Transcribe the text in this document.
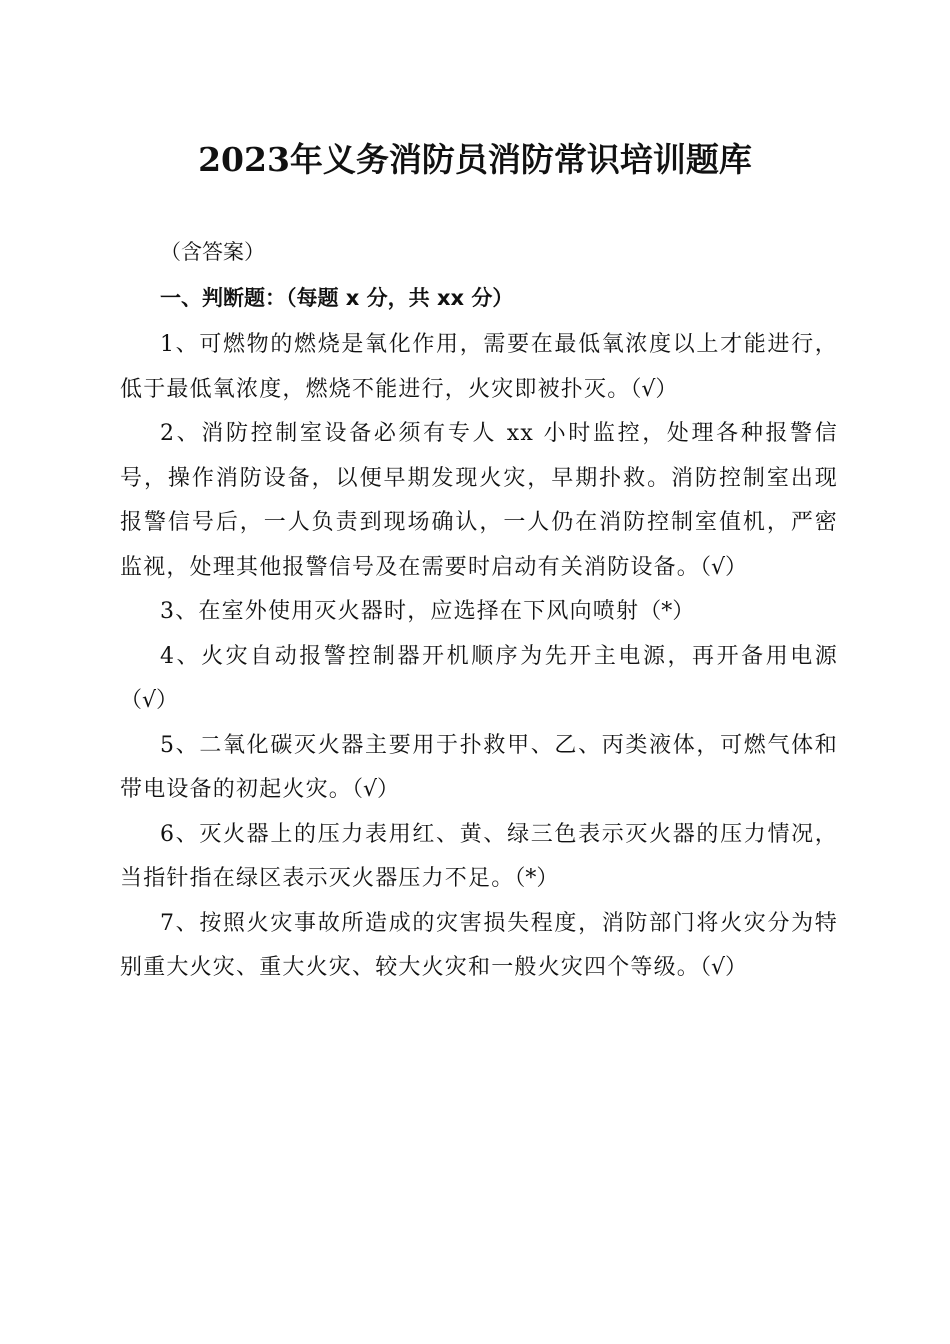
2023年义务消防员消防常识培训题库

（含答案）

一、判断题：（每题 x 分，共 xx 分）

1、可燃物的燃烧是氧化作用，需要在最低氧浓度以上才能进行，低于最低氧浓度，燃烧不能进行，火灾即被扑灭。（√）
2、消防控制室设备必须有专人 xx 小时监控，处理各种报警信号，操作消防设备，以便早期发现火灾，早期扑救。消防控制室出现报警信号后，一人负责到现场确认，一人仍在消防控制室值机，严密监视，处理其他报警信号及在需要时启动有关消防设备。（√）
3、在室外使用灭火器时，应选择在下风向喷射（*）
4、火灾自动报警控制器开机顺序为先开主电源，再开备用电源（√）
5、二氧化碳灭火器主要用于扑救甲、乙、丙类液体，可燃气体和带电设备的初起火灾。（√）
6、灭火器上的压力表用红、黄、绿三色表示灭火器的压力情况，当指针指在绿区表示灭火器压力不足。（*）
7、按照火灾事故所造成的灾害损失程度，消防部门将火灾分为特别重大火灾、重大火灾、较大火灾和一般火灾四个等级。（√）
